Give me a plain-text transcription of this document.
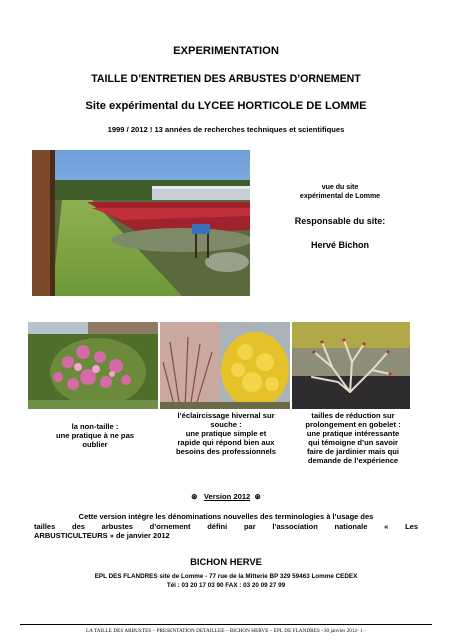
EXPERIMENTATION
TAILLE D’ENTRETIEN DES ARBUSTES D’ORNEMENT
Site expérimental du LYCEE HORTICOLE DE LOMME
1999 / 2012 ! 13 années de recherches techniques et scientifiques
vue du site
expérimental de Lomme
Responsable du site:
Hervé Bichon
la non-taille :
une pratique à ne pas
oublier
l’éclaircissage hivernal sur
souche :
une pratique simple et
rapide qui répond bien aux
besoins des professionnels
tailles de réduction sur
prolongement en gobelet :
une pratique intéressante
qui témoigne d’un savoir
faire de jardinier mais qui
demande de l’expérience
⊛ Version 2012 ⊛
Cette version intègre les dénominations nouvelles des terminologies à l’usage des
tailles des arbustes d’ornement défini par l’association nationale « Les
ARBUSTICULTEURS » de janvier 2012
BICHON HERVE
EPL DES FLANDRES site de Lomme - 77 rue de la Mitterie BP 329 59463 Lomme CEDEX
Tél : 03 20 17 03 90 FAX : 03 20 09 27 99
LA TAILLE DES ARBUSTES – PRESENTATION DETAILLEE – BICHON HERVE – EPL DE FLANDRES –30 janvier 2012- 1 -
